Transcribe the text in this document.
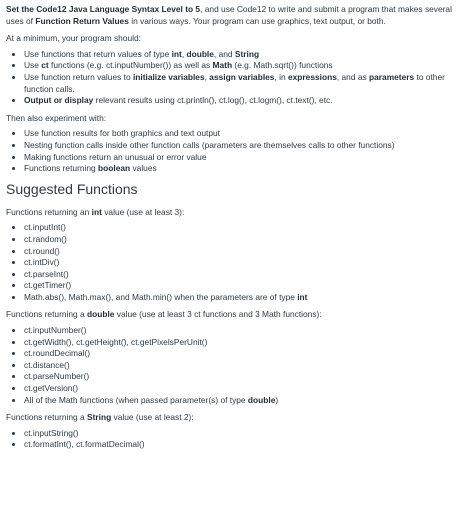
Set the Code12 Java Language Syntax Level to 5, and use Code12 to write and submit a program that makes several uses of Function Return Values in various ways. Your program can use graphics, text output, or both.

At a minimum, your program should:

• Use functions that return values of type int, double, and String
• Use ct functions (e.g. ct.inputNumber()) as well as Math (e.g. Math.sqrt()) functions
• Use function return values to initialize variables, assign variables, in expressions, and as parameters to other function calls.
• Output or display relevant results using ct.println(), ct.log(), ct.logm(), ct.text(), etc.

Then also experiment with:

• Use function results for both graphics and text output
• Nesting function calls inside other function calls (parameters are themselves calls to other functions)
• Making functions return an unusual or error value
• Functions returning boolean values
Suggested Functions

Functions returning an int value (use at least 3):

• ct.inputInt()
• ct.random()
• ct.round()
• ct.intDiv()
• ct.parseInt()
• ct.getTimer()
• Math.abs(), Math.max(), and Math.min() when the parameters are of type int

Functions returning a double value (use at least 3 ct functions and 3 Math functions):

• ct.inputNumber()
• ct.getWidth(), ct.getHeight(), ct.getPixelsPerUnit()
• ct.roundDecimal()
• ct.distance()
• ct.parseNumber()
• ct.getVersion()
• All of the Math functions (when passed parameter(s) of type double)

Functions returning a String value (use at least 2):

• ct.inputString()
• ct.formatInt(), ct.formatDecimal()
